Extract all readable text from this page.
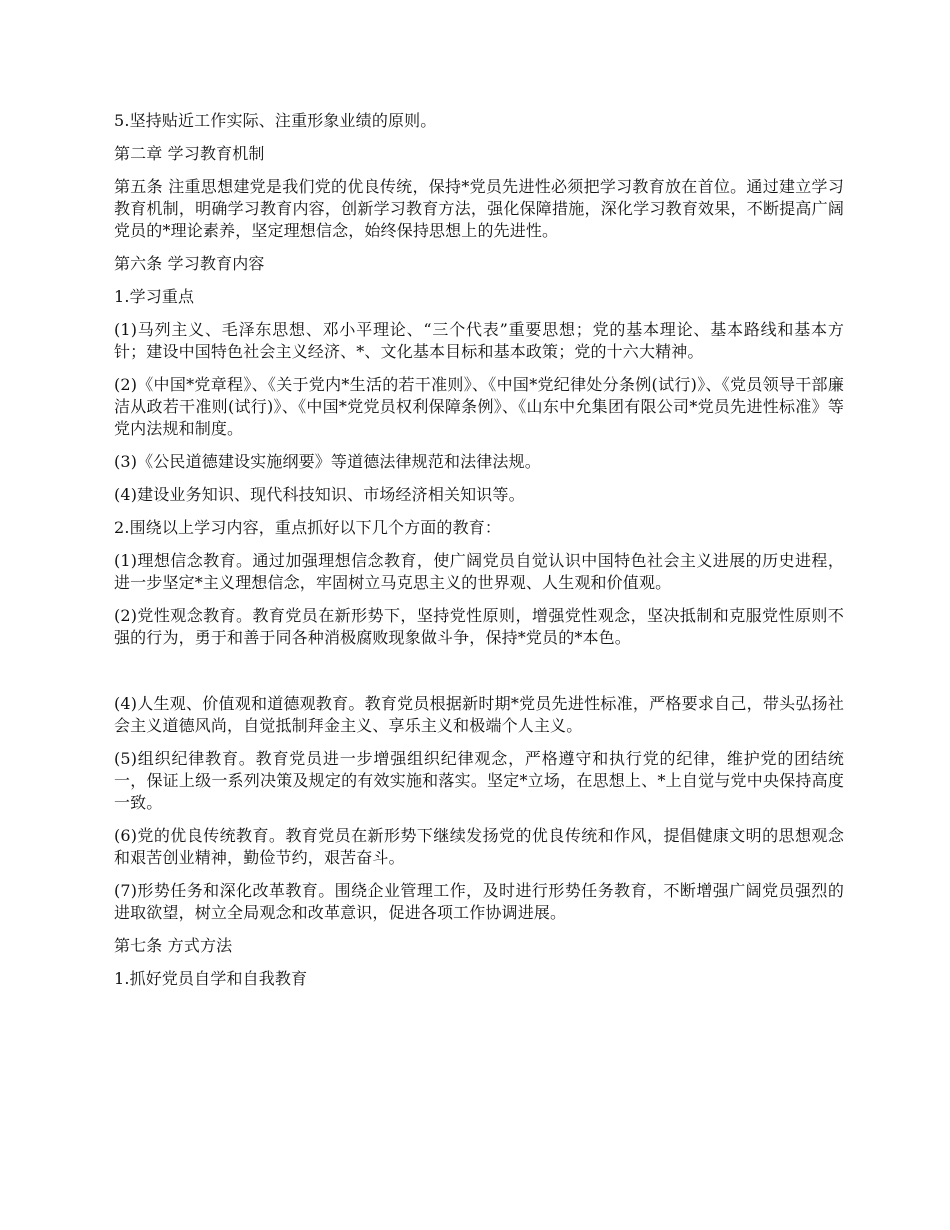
5.坚持贴近工作实际、注重形象业绩的原则。

第二章 学习教育机制

第五条 注重思想建党是我们党的优良传统，保持*党员先进性必须把学习教育放在首位。通过建立学习教育机制，明确学习教育内容，创新学习教育方法，强化保障措施，深化学习教育效果，不断提高广阔党员的*理论素养，坚定理想信念，始终保持思想上的先进性。

第六条 学习教育内容

1.学习重点

(1)马列主义、毛泽东思想、邓小平理论、“三个代表”重要思想；党的基本理论、基本路线和基本方针；建设中国特色社会主义经济、*、文化基本目标和基本政策；党的十六大精神。

(2)《中国*党章程》、《关于党内*生活的若干准则》、《中国*党纪律处分条例(试行)》、《党员领导干部廉洁从政若干准则(试行)》、《中国*党党员权利保障条例》、《山东中允集团有限公司*党员先进性标准》等党内法规和制度。

(3)《公民道德建设实施纲要》等道德法律规范和法律法规。

(4)建设业务知识、现代科技知识、市场经济相关知识等。

2.围绕以上学习内容，重点抓好以下几个方面的教育：

(1)理想信念教育。通过加强理想信念教育，使广阔党员自觉认识中国特色社会主义进展的历史进程，进一步坚定*主义理想信念，牢固树立马克思主义的世界观、人生观和价值观。

(2)党性观念教育。教育党员在新形势下，坚持党性原则，增强党性观念，坚决抵制和克服党性原则不强的行为，勇于和善于同各种消极腐败现象做斗争，保持*党员的*本色。

(4)人生观、价值观和道德观教育。教育党员根据新时期*党员先进性标准，严格要求自己，带头弘扬社会主义道德风尚，自觉抵制拜金主义、享乐主义和极端个人主义。

(5)组织纪律教育。教育党员进一步增强组织纪律观念，严格遵守和执行党的纪律，维护党的团结统一，保证上级一系列决策及规定的有效实施和落实。坚定*立场，在思想上、*上自觉与党中央保持高度一致。

(6)党的优良传统教育。教育党员在新形势下继续发扬党的优良传统和作风，提倡健康文明的思想观念和艰苦创业精神，勤俭节约，艰苦奋斗。

(7)形势任务和深化改革教育。围绕企业管理工作，及时进行形势任务教育，不断增强广阔党员强烈的进取欲望，树立全局观念和改革意识，促进各项工作协调进展。

第七条 方式方法

1.抓好党员自学和自我教育
